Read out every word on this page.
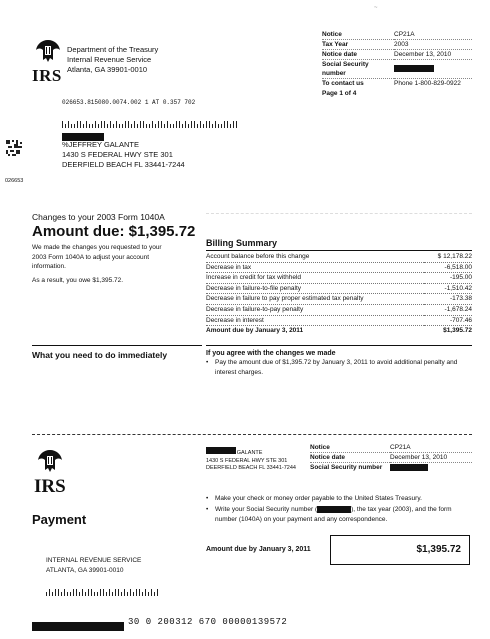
~
IRS
Department of the Treasury
Internal Revenue Service
Atlanta, GA 39901-0010
Notice	CP21A
Tax Year	2003
Notice date	December 13, 2010
Social Security number	
To contact us	Phone 1-800-829-0922
Page 1 of 4
026653.815080.0074.002 1 AT 0.357 702
026653
%JEFFREY GALANTE
1430 S FEDERAL HWY STE 301
DEERFIELD BEACH FL 33441-7244
Changes to your 2003 Form 1040A
Amount due: $1,395.72
We made the changes you requested to your 2003 Form 1040A to adjust your account information.
As a result, you owe $1,395.72.
Billing Summary
Account balance before this change	$ 12,178.22
Decrease in tax	-6,518.00
Increase in credit for tax withheld	-195.00
Decrease in failure-to-file penalty	-1,510.42
Decrease in failure to pay proper estimated tax penalty	-173.38
Decrease in failure-to-pay penalty	-1,678.24
Decrease in interest	-707.46
Amount due by January 3, 2011	$1,395.72
What you need to do immediately	If you agree with the changes we made
• Pay the amount due of $1,395.72 by January 3, 2011 to avoid additional penalty and interest charges.
IRS
%JEFFREY GALANTE
1430 S FEDERAL HWY STE 301
DEERFIELD BEACH FL 33441-7244
Notice	CP21A
Notice date	December 13, 2010
Social Security number	
Payment
• Make your check or money order payable to the United States Treasury.
• Write your Social Security number (	), the tax year (2003), and the form number (1040A) on your payment and any correspondence.
Amount due by January 3, 2011	$1,395.72
INTERNAL REVENUE SERVICE
ATLANTA, GA 39901-0010
30 0 200312 670 00000139572
